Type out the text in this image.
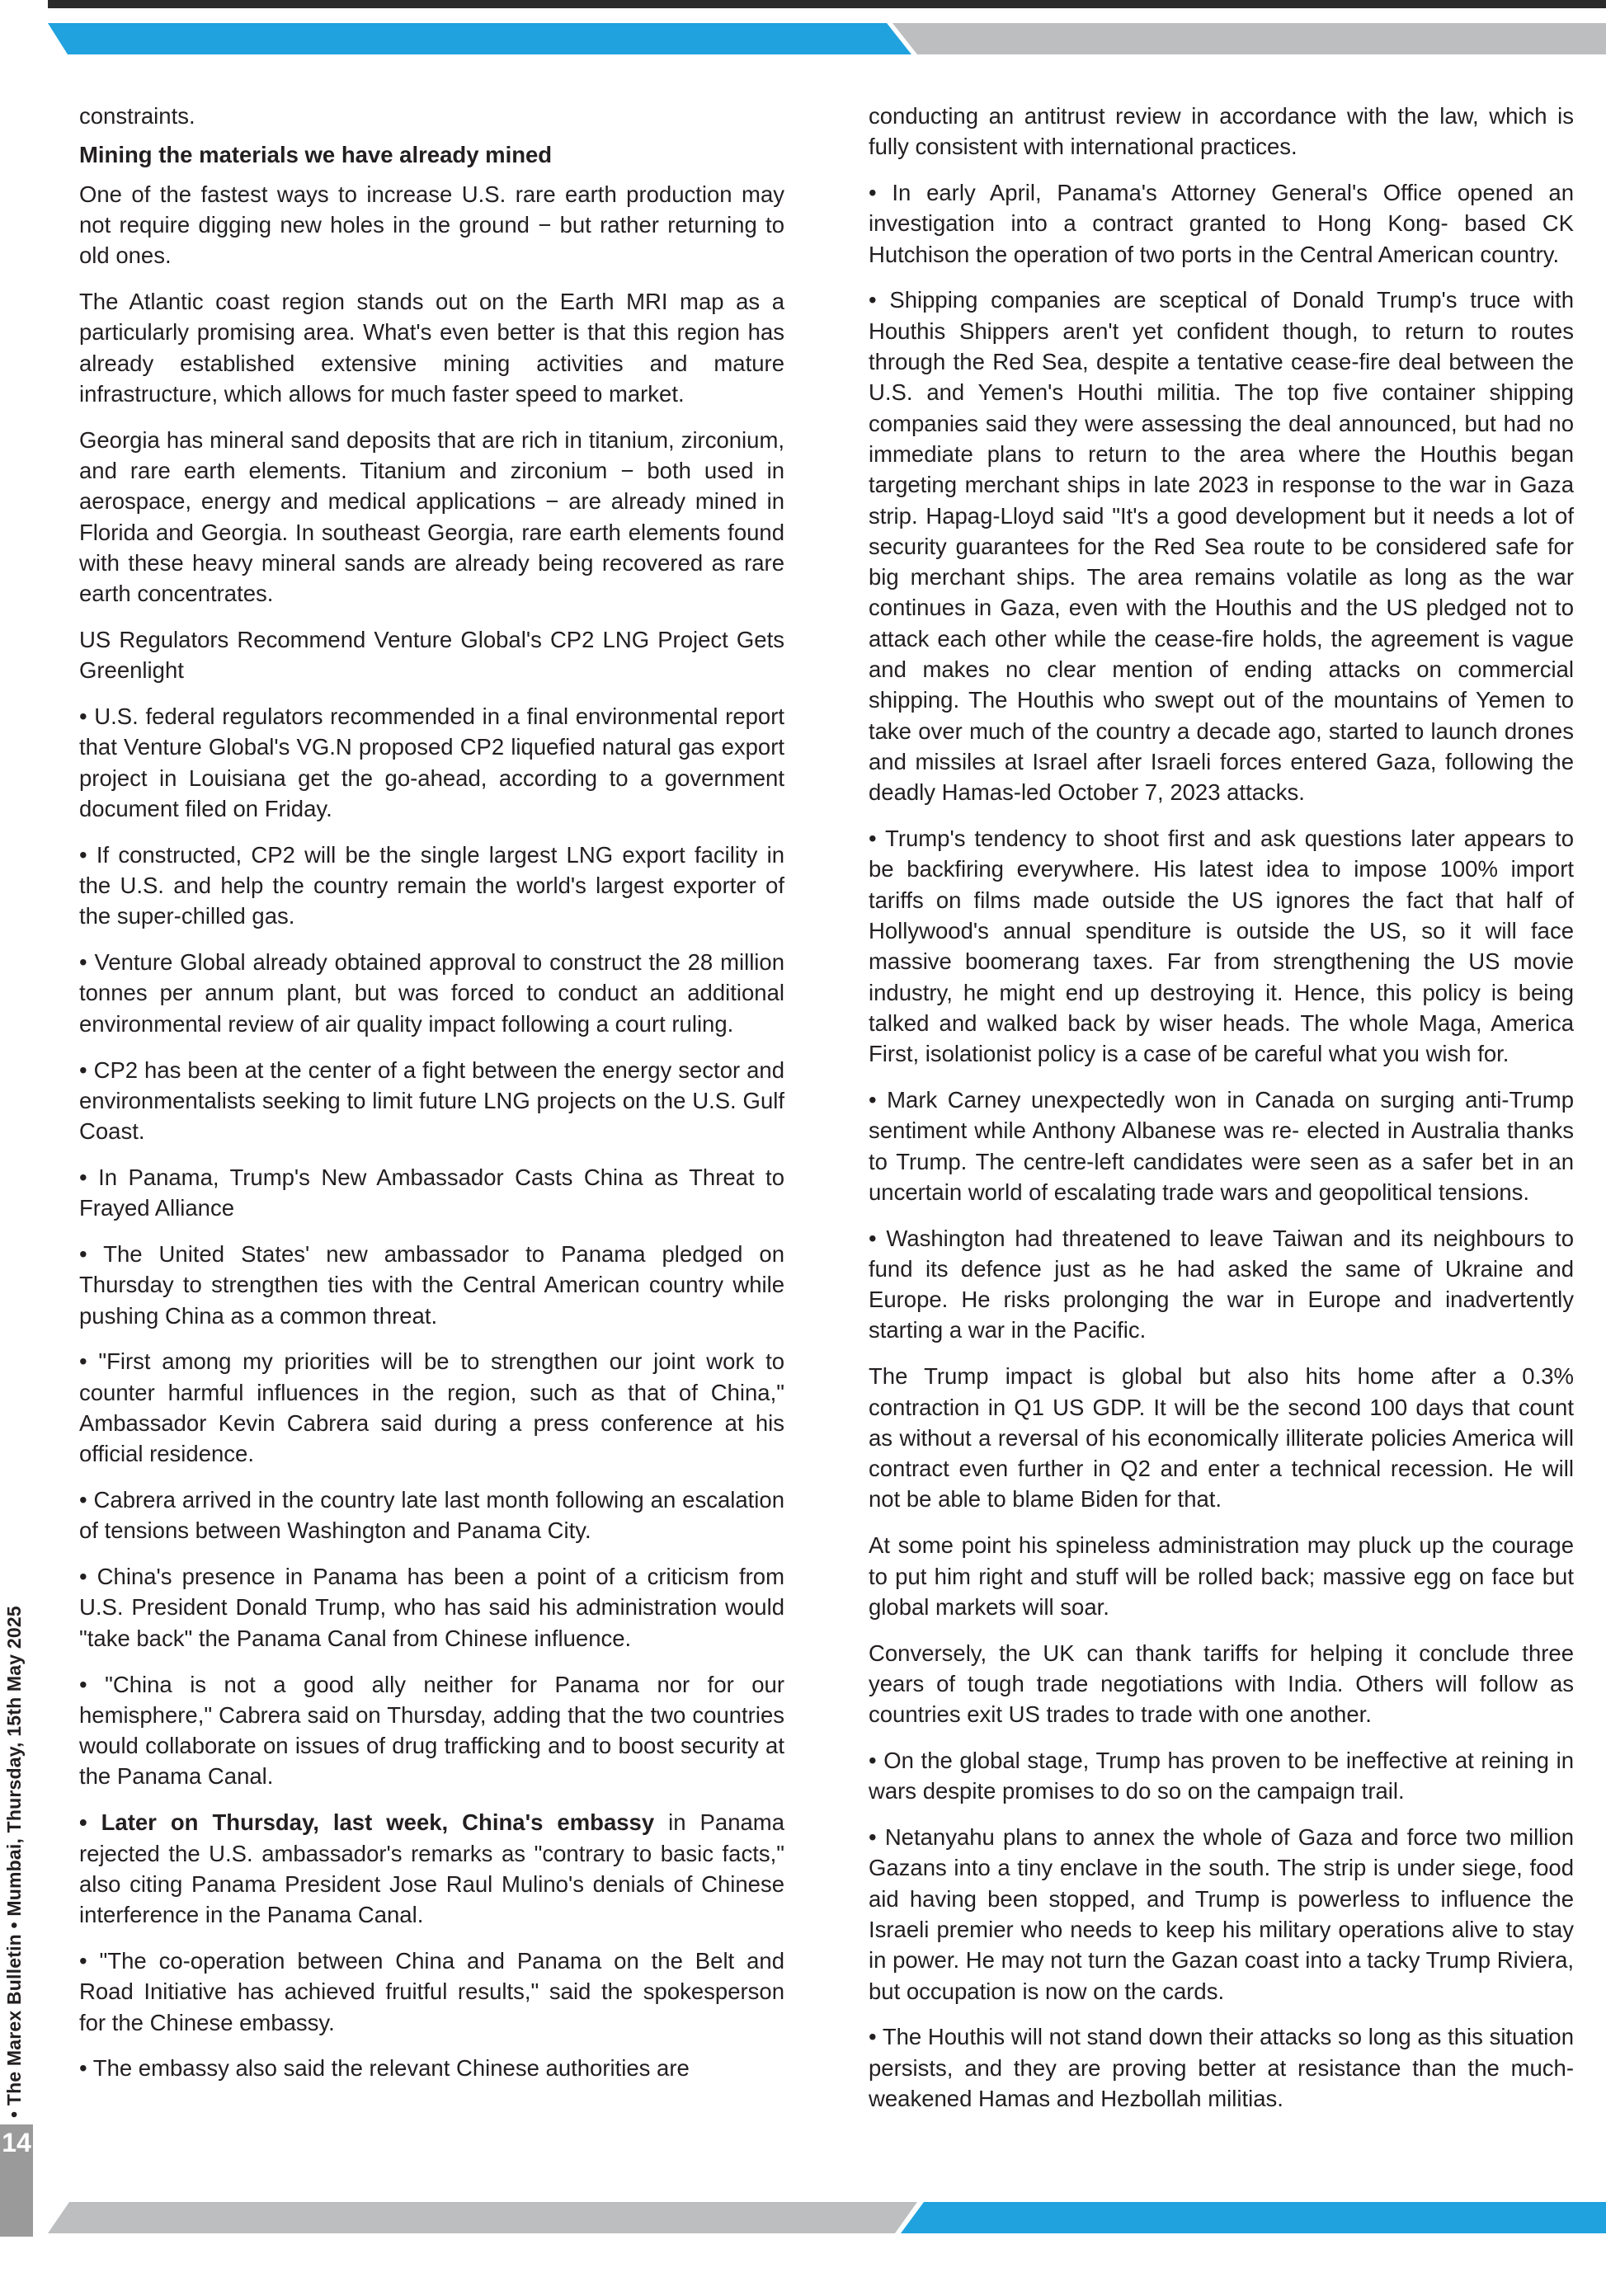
14
• The Marex Bulletin • Mumbai, Thursday, 15th May 2025

constraints.

Mining the materials we have already mined

One of the fastest ways to increase U.S. rare earth production may not require digging new holes in the ground − but rather returning to old ones.

The Atlantic coast region stands out on the Earth MRI map as a particularly promising area. What's even better is that this region has already established extensive mining activities and mature infrastructure, which allows for much faster speed to market.

Georgia has mineral sand deposits that are rich in titanium, zirconium, and rare earth elements. Titanium and zirconium − both used in aerospace, energy and medical applications − are already mined in Florida and Georgia. In southeast Georgia, rare earth elements found with these heavy mineral sands are already being recovered as rare earth concentrates.

US Regulators Recommend Venture Global's CP2 LNG Project Gets Greenlight

• U.S. federal regulators recommended in a final environmental report that Venture Global's VG.N proposed CP2 liquefied natural gas export project in Louisiana get the go-ahead, according to a government document filed on Friday.

• If constructed, CP2 will be the single largest LNG export facility in the U.S. and help the country remain the world's largest exporter of the super-chilled gas.

• Venture Global already obtained approval to construct the 28 million tonnes per annum plant, but was forced to conduct an additional environmental review of air quality impact following a court ruling.

• CP2 has been at the center of a fight between the energy sector and environmentalists seeking to limit future LNG projects on the U.S. Gulf Coast.

• In Panama, Trump's New Ambassador Casts China as Threat to Frayed Alliance

• The United States' new ambassador to Panama pledged on Thursday to strengthen ties with the Central American country while pushing China as a common threat.

• "First among my priorities will be to strengthen our joint work to counter harmful influences in the region, such as that of China," Ambassador Kevin Cabrera said during a press conference at his official residence.

• Cabrera arrived in the country late last month following an escalation of tensions between Washington and Panama City.

• China's presence in Panama has been a point of a criticism from U.S. President Donald Trump, who has said his administration would "take back" the Panama Canal from Chinese influence.

• "China is not a good ally neither for Panama nor for our hemisphere," Cabrera said on Thursday, adding that the two countries would collaborate on issues of drug trafficking and to boost security at the Panama Canal.

• Later on Thursday, last week, China's embassy in Panama rejected the U.S. ambassador's remarks as "contrary to basic facts," also citing Panama President Jose Raul Mulino's denials of Chinese interference in the Panama Canal.

• "The co-operation between China and Panama on the Belt and Road Initiative has achieved fruitful results," said the spokesperson for the Chinese embassy.

• The embassy also said the relevant Chinese authorities are

conducting an antitrust review in accordance with the law, which is fully consistent with international practices.

• In early April, Panama's Attorney General's Office opened an investigation into a contract granted to Hong Kong- based CK Hutchison the operation of two ports in the Central American country.

• Shipping companies are sceptical of Donald Trump's truce with Houthis Shippers aren't yet confident though, to return to routes through the Red Sea, despite a tentative cease-fire deal between the U.S. and Yemen's Houthi militia. The top five container shipping companies said they were assessing the deal announced, but had no immediate plans to return to the area where the Houthis began targeting merchant ships in late 2023 in response to the war in Gaza strip. Hapag-Lloyd said "It's a good development but it needs a lot of security guarantees for the Red Sea route to be considered safe for big merchant ships. The area remains volatile as long as the war continues in Gaza, even with the Houthis and the US pledged not to attack each other while the cease-fire holds, the agreement is vague and makes no clear mention of ending attacks on commercial shipping. The Houthis who swept out of the mountains of Yemen to take over much of the country a decade ago, started to launch drones and missiles at Israel after Israeli forces entered Gaza, following the deadly Hamas-led October 7, 2023 attacks.

• Trump's tendency to shoot first and ask questions later appears to be backfiring everywhere. His latest idea to impose 100% import tariffs on films made outside the US ignores the fact that half of Hollywood's annual spenditure is outside the US, so it will face massive boomerang taxes. Far from strengthening the US movie industry, he might end up destroying it. Hence, this policy is being talked and walked back by wiser heads. The whole Maga, America First, isolationist policy is a case of be careful what you wish for.

• Mark Carney unexpectedly won in Canada on surging anti-Trump sentiment while Anthony Albanese was re- elected in Australia thanks to Trump. The centre-left candidates were seen as a safer bet in an uncertain world of escalating trade wars and geopolitical tensions.

• Washington had threatened to leave Taiwan and its neighbours to fund its defence just as he had asked the same of Ukraine and Europe. He risks prolonging the war in Europe and inadvertently starting a war in the Pacific.

The Trump impact is global but also hits home after a 0.3% contraction in Q1 US GDP. It will be the second 100 days that count as without a reversal of his economically illiterate policies America will contract even further in Q2 and enter a technical recession. He will not be able to blame Biden for that.

At some point his spineless administration may pluck up the courage to put him right and stuff will be rolled back; massive egg on face but global markets will soar.

Conversely, the UK can thank tariffs for helping it conclude three years of tough trade negotiations with India. Others will follow as countries exit US trades to trade with one another.

• On the global stage, Trump has proven to be ineffective at reining in wars despite promises to do so on the campaign trail.

• Netanyahu plans to annex the whole of Gaza and force two million Gazans into a tiny enclave in the south. The strip is under siege, food aid having been stopped, and Trump is powerless to influence the Israeli premier who needs to keep his military operations alive to stay in power. He may not turn the Gazan coast into a tacky Trump Riviera, but occupation is now on the cards.

• The Houthis will not stand down their attacks so long as this situation persists, and they are proving better at resistance than the much-weakened Hamas and Hezbollah militias.
